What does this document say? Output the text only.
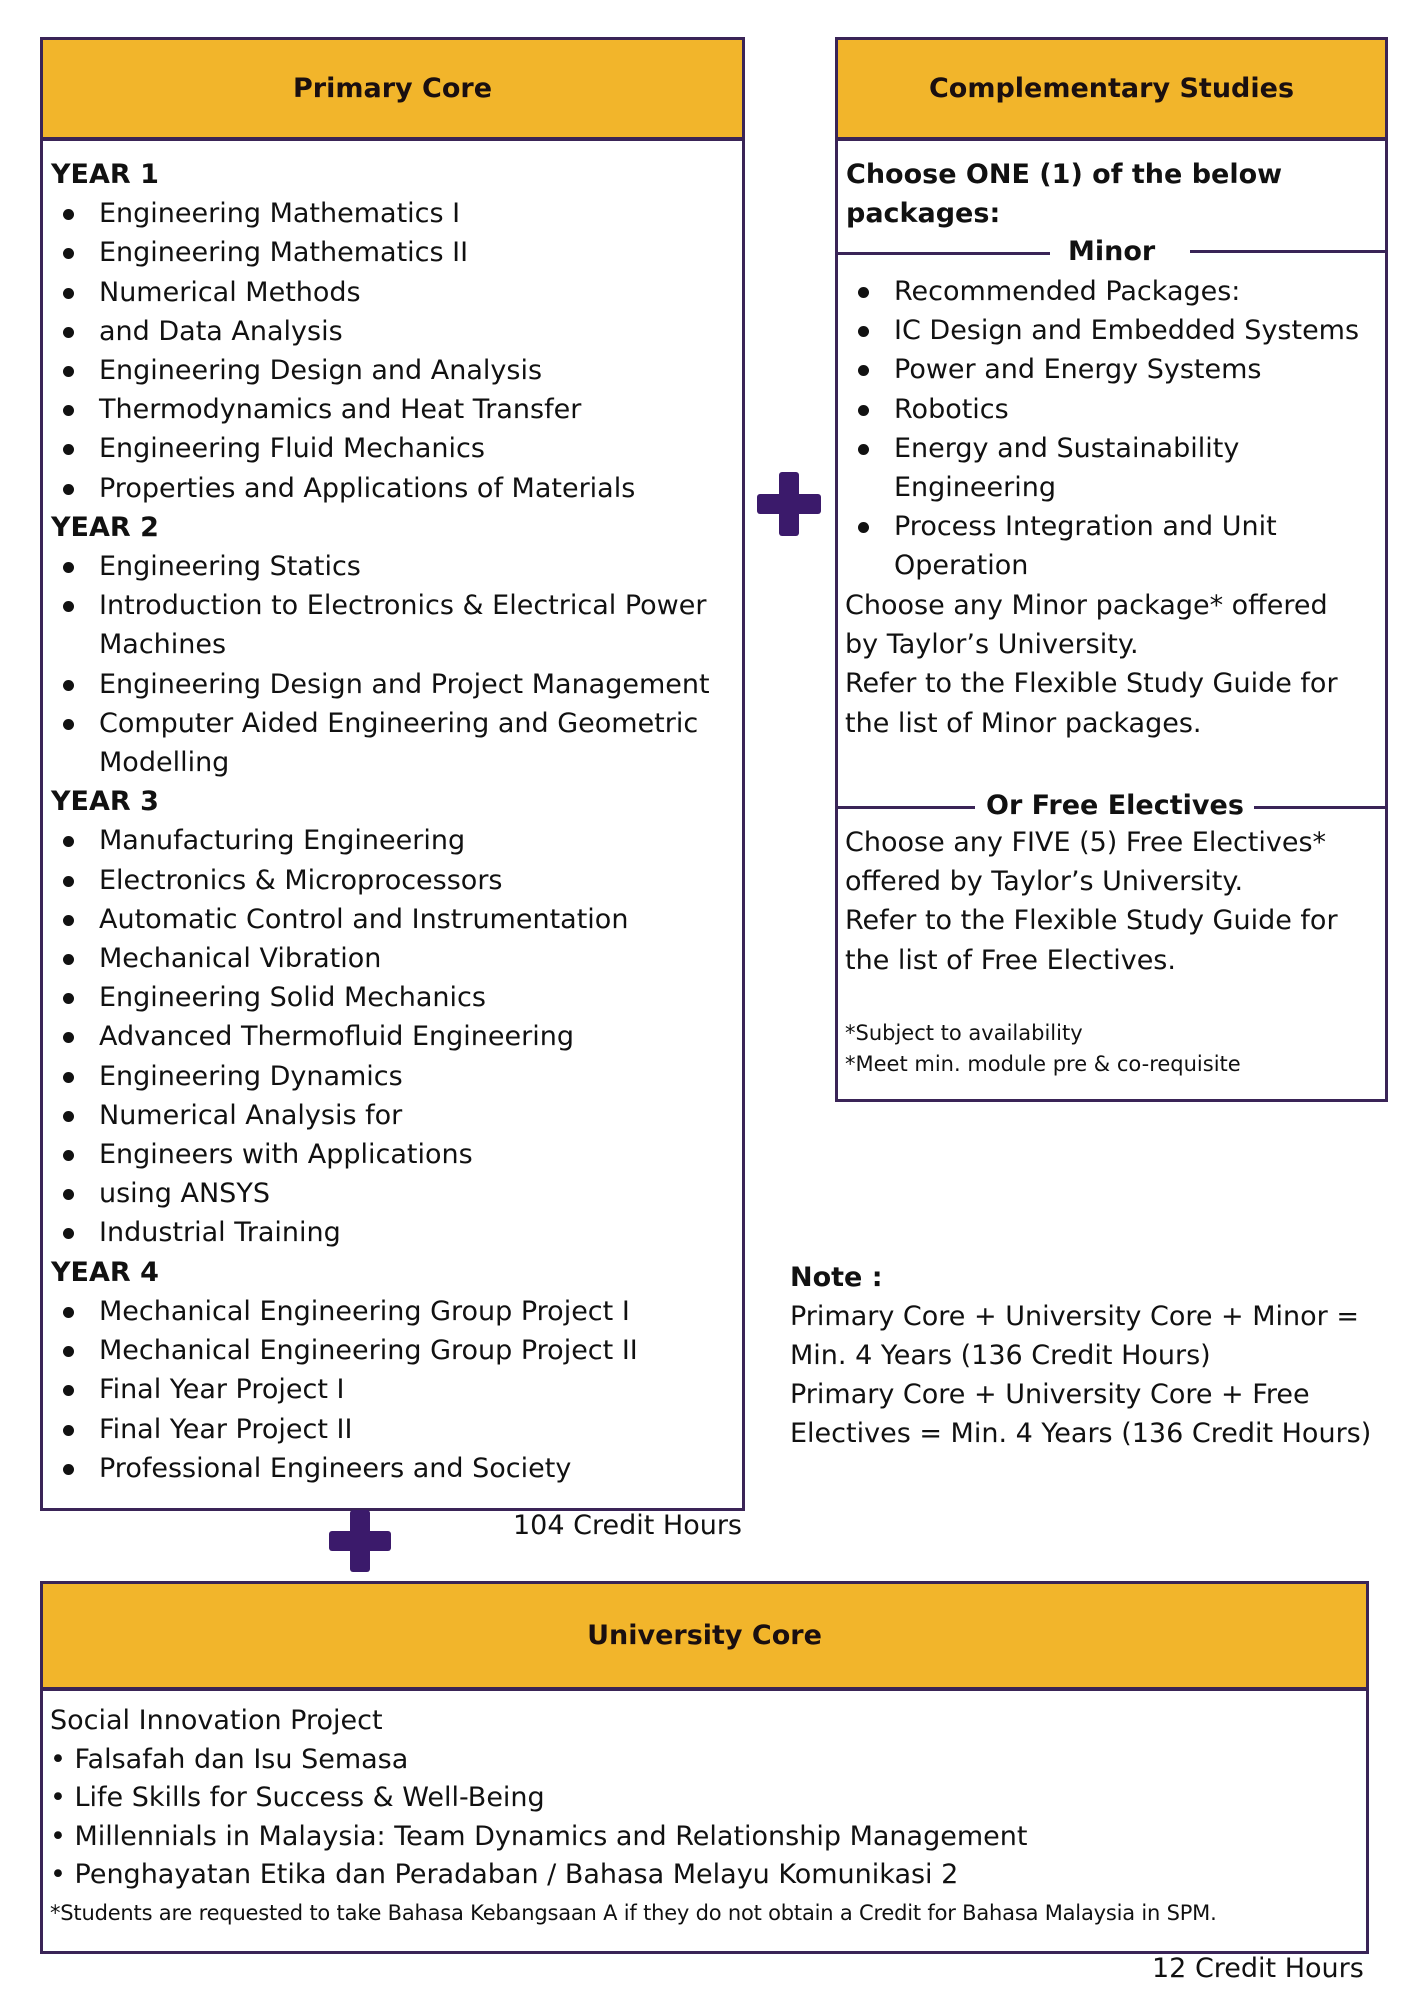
Primary Core
YEAR 1
Engineering Mathematics I
Engineering Mathematics II
Numerical Methods
and Data Analysis
Engineering Design and Analysis
Thermodynamics and Heat Transfer
Engineering Fluid Mechanics
Properties and Applications of Materials
YEAR 2
Engineering Statics
Introduction to Electronics & Electrical Power
Machines
Engineering Design and Project Management
Computer Aided Engineering and Geometric
Modelling
YEAR 3
Manufacturing Engineering
Electronics & Microprocessors
Automatic Control and Instrumentation
Mechanical Vibration
Engineering Solid Mechanics
Advanced Thermofluid Engineering
Engineering Dynamics
Numerical Analysis for
Engineers with Applications
using ANSYS
Industrial Training
YEAR 4
Mechanical Engineering Group Project I
Mechanical Engineering Group Project II
Final Year Project I
Final Year Project II
Professional Engineers and Society
104 Credit Hours
Complementary Studies
Choose ONE (1) of the below
packages:
Minor
Recommended Packages:
IC Design and Embedded Systems
Power and Energy Systems
Robotics
Energy and Sustainability
Engineering
Process Integration and Unit
Operation
Choose any Minor package* offered
by Taylor’s University.
Refer to the Flexible Study Guide for
the list of Minor packages.
Or Free Electives
Choose any FIVE (5) Free Electives*
offered by Taylor’s University.
Refer to the Flexible Study Guide for
the list of Free Electives.
*Subject to availability
*Meet min. module pre & co-requisite
Note :
Primary Core + University Core + Minor =
Min. 4 Years (136 Credit Hours)
Primary Core + University Core + Free
Electives = Min. 4 Years (136 Credit Hours)
University Core
Social Innovation Project
• Falsafah dan Isu Semasa
• Life Skills for Success & Well-Being
• Millennials in Malaysia: Team Dynamics and Relationship Management
• Penghayatan Etika dan Peradaban / Bahasa Melayu Komunikasi 2
*Students are requested to take Bahasa Kebangsaan A if they do not obtain a Credit for Bahasa Malaysia in SPM.
12 Credit Hours
